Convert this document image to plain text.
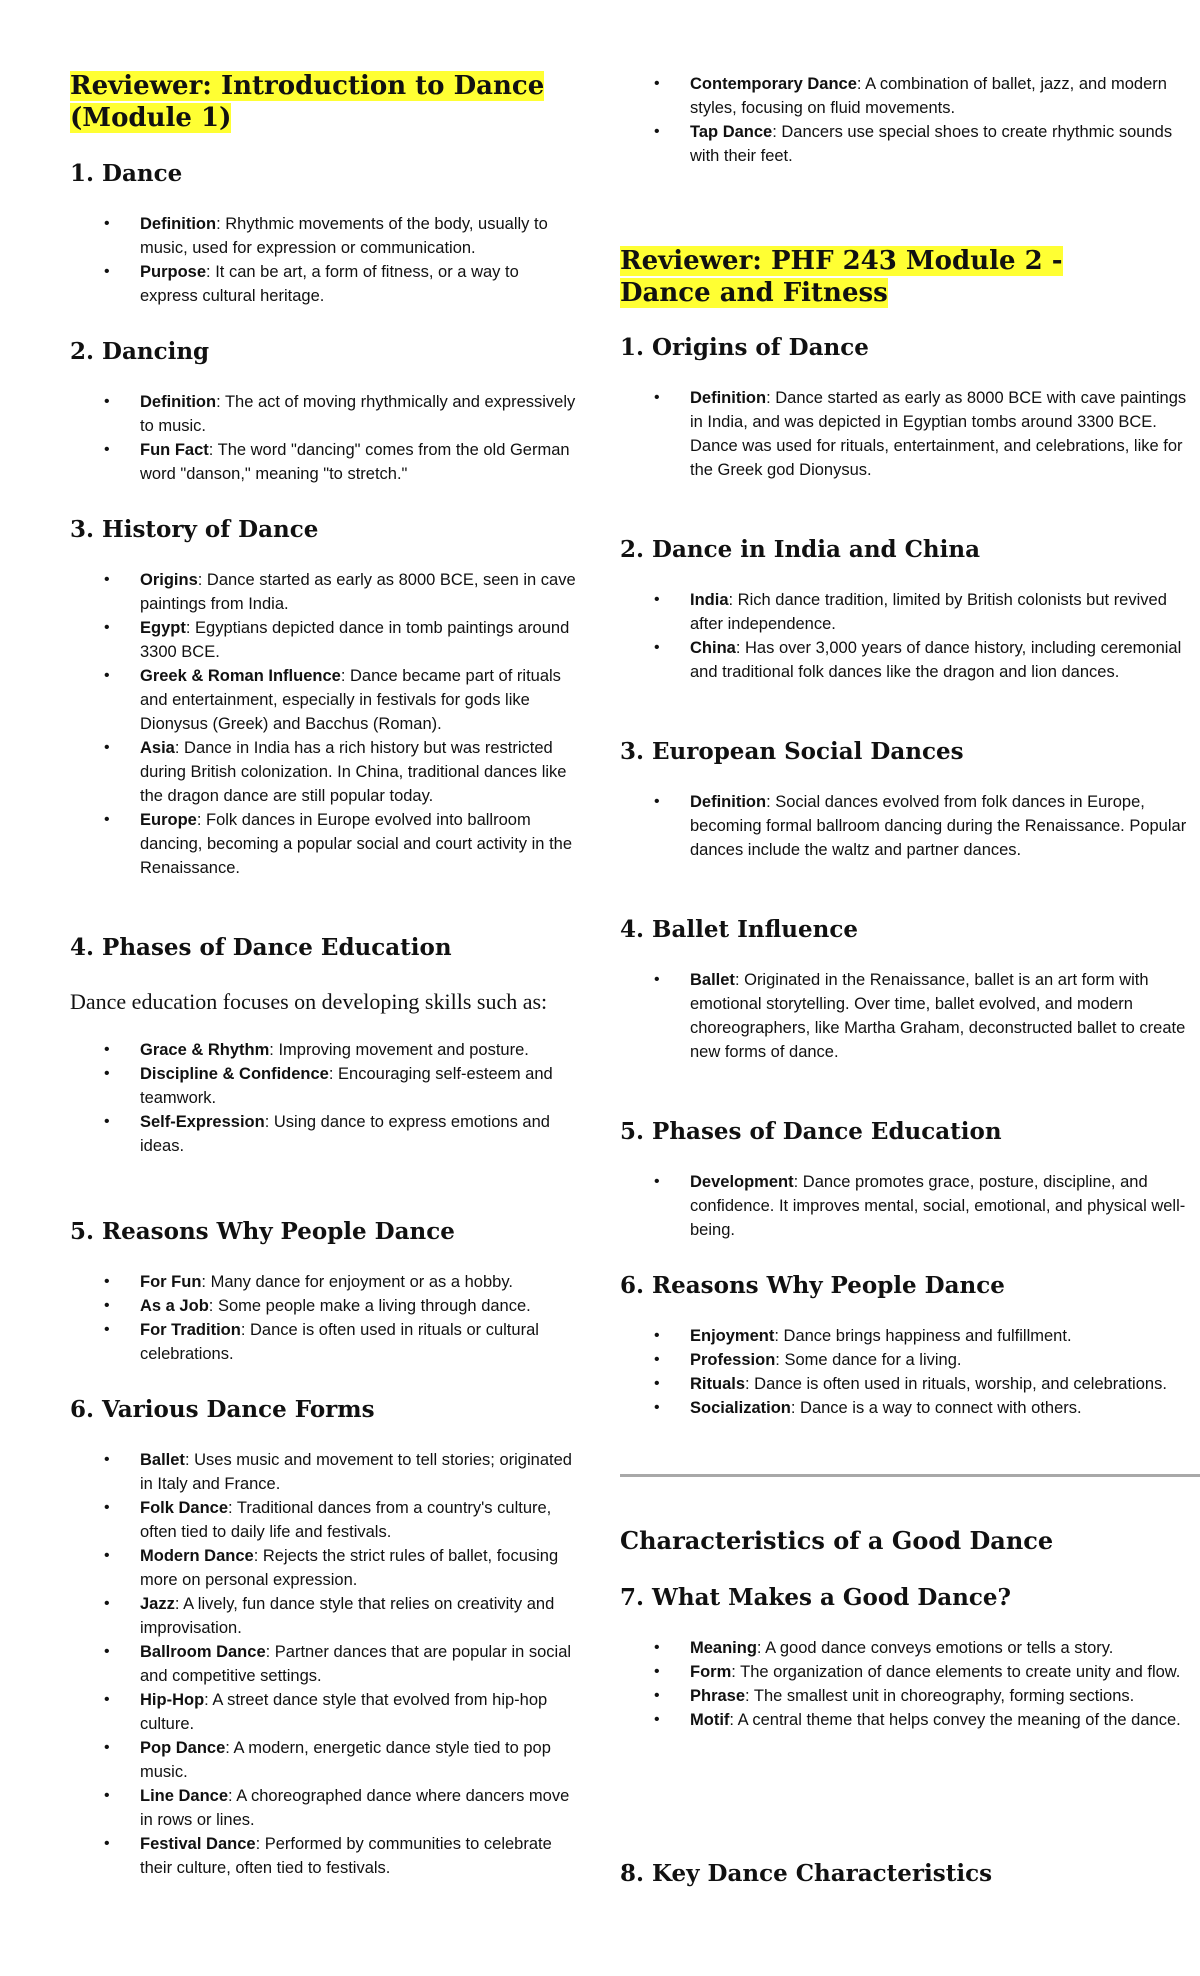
Reviewer: Introduction to Dance

(Module 1)

1. Dance
• Definition: Rhythmic movements of the body, usually to music, used for expression or communication.
• Purpose: It can be art, a form of fitness, or a way to express cultural heritage.
2. Dancing
• Definition: The act of moving rhythmically and expressively to music.
• Fun Fact: The word "dancing" comes from the old German word "danson," meaning "to stretch."
3. History of Dance
• Origins: Dance started as early as 8000 BCE, seen in cave paintings from India.
• Egypt: Egyptians depicted dance in tomb paintings around 3300 BCE.
• Greek & Roman Influence: Dance became part of rituals and entertainment, especially in festivals for gods like Dionysus (Greek) and Bacchus (Roman).
• Asia: Dance in India has a rich history but was restricted during British colonization. In China, traditional dances like the dragon dance are still popular today.
• Europe: Folk dances in Europe evolved into ballroom dancing, becoming a popular social and court activity in the Renaissance.
4. Phases of Dance Education

Dance education focuses on developing skills such as:

• Grace & Rhythm: Improving movement and posture.
• Discipline & Confidence: Encouraging self-esteem and teamwork.
• Self-Expression: Using dance to express emotions and ideas.
5. Reasons Why People Dance
• For Fun: Many dance for enjoyment or as a hobby.
• As a Job: Some people make a living through dance.
• For Tradition: Dance is often used in rituals or cultural celebrations.
6. Various Dance Forms
• Ballet: Uses music and movement to tell stories; originated in Italy and France.
• Folk Dance: Traditional dances from a country's culture, often tied to daily life and festivals.
• Modern Dance: Rejects the strict rules of ballet, focusing more on personal expression.
• Jazz: A lively, fun dance style that relies on creativity and improvisation.
• Ballroom Dance: Partner dances that are popular in social and competitive settings.
• Hip-Hop: A street dance style that evolved from hip-hop culture.
• Pop Dance: A modern, energetic dance style tied to pop music.
• Line Dance: A choreographed dance where dancers move in rows or lines.
• Festival Dance: Performed by communities to celebrate their culture, often tied to festivals.
• Contemporary Dance: A combination of ballet, jazz, and modern styles, focusing on fluid movements.
• Tap Dance: Dancers use special shoes to create rhythmic sounds with their feet.

Reviewer: PHF 243 Module 2 -

Dance and Fitness

1. Origins of Dance
• Definition: Dance started as early as 8000 BCE with cave paintings in India, and was depicted in Egyptian tombs around 3300 BCE. Dance was used for rituals, entertainment, and celebrations, like for the Greek god Dionysus.
2. Dance in India and China
• India: Rich dance tradition, limited by British colonists but revived after independence.
• China: Has over 3,000 years of dance history, including ceremonial and traditional folk dances like the dragon and lion dances.
3. European Social Dances
• Definition: Social dances evolved from folk dances in Europe, becoming formal ballroom dancing during the Renaissance. Popular dances include the waltz and partner dances.
4. Ballet Influence
• Ballet: Originated in the Renaissance, ballet is an art form with emotional storytelling. Over time, ballet evolved, and modern choreographers, like Martha Graham, deconstructed ballet to create new forms of dance.
5. Phases of Dance Education
• Development: Dance promotes grace, posture, discipline, and confidence. It improves mental, social, emotional, and physical well-being.
6. Reasons Why People Dance
• Enjoyment: Dance brings happiness and fulfillment.
• Profession: Some dance for a living.
• Rituals: Dance is often used in rituals, worship, and celebrations.
• Socialization: Dance is a way to connect with others.

Characteristics of a Good Dance

7. What Makes a Good Dance?
• Meaning: A good dance conveys emotions or tells a story.
• Form: The organization of dance elements to create unity and flow.
• Phrase: The smallest unit in choreography, forming sections.
• Motif: A central theme that helps convey the meaning of the dance.
8. Key Dance Characteristics
